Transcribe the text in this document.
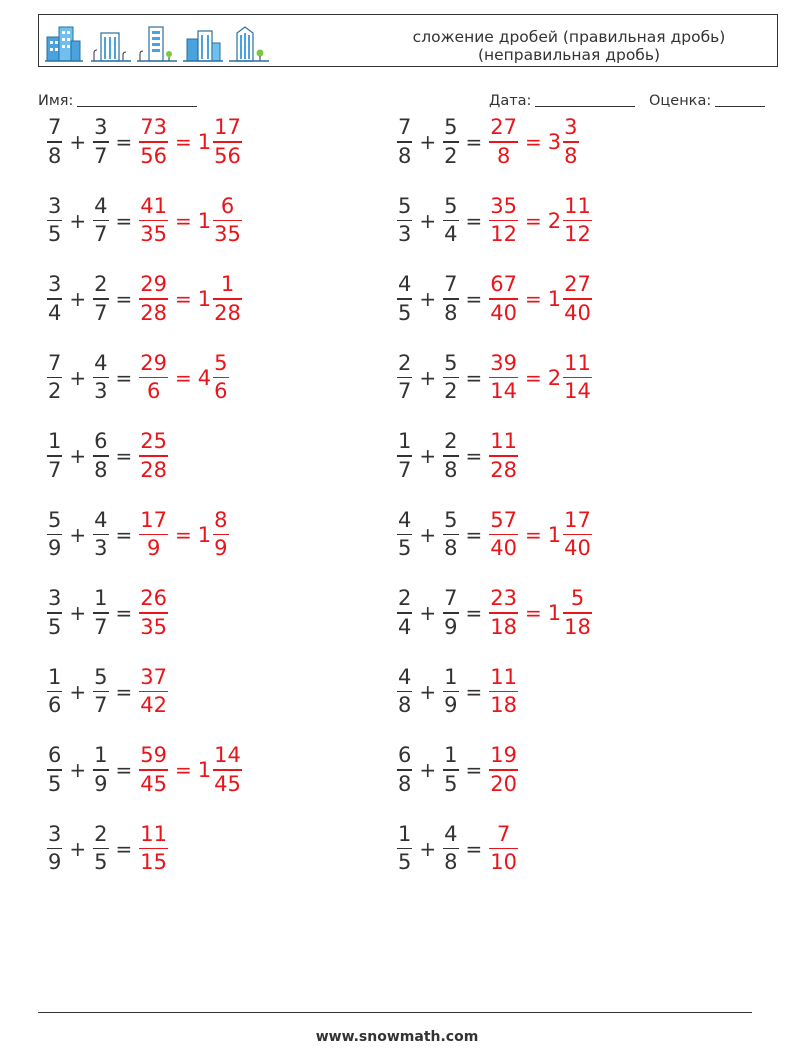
сложение дробей (правильная дробь)
(неправильная дробь)
Имя:	Дата:	Оценка:
$\frac{7}{8} + \frac{3}{7} = \frac{73}{56} = 1 \frac{17}{56}$	$\frac{7}{8} + \frac{5}{2} = \frac{27}{8} = 3 \frac{3}{8}$
$\frac{3}{5} + \frac{4}{7} = \frac{41}{35} = 1 \frac{6}{35}$	$\frac{5}{3} + \frac{5}{4} = \frac{35}{12} = 2 \frac{11}{12}$
$\frac{3}{4} + \frac{2}{7} = \frac{29}{28} = 1 \frac{1}{28}$	$\frac{4}{5} + \frac{7}{8} = \frac{67}{40} = 1 \frac{27}{40}$
$\frac{7}{2} + \frac{4}{3} = \frac{29}{6} = 4 \frac{5}{6}$	$\frac{2}{7} + \frac{5}{2} = \frac{39}{14} = 2 \frac{11}{14}$
$\frac{1}{7} + \frac{6}{8} = \frac{25}{28}$	$\frac{1}{7} + \frac{2}{8} = \frac{11}{28}$
$\frac{5}{9} + \frac{4}{3} = \frac{17}{9} = 1 \frac{8}{9}$	$\frac{4}{5} + \frac{5}{8} = \frac{57}{40} = 1 \frac{17}{40}$
$\frac{3}{5} + \frac{1}{7} = \frac{26}{35}$	$\frac{2}{4} + \frac{7}{9} = \frac{23}{18} = 1 \frac{5}{18}$
$\frac{1}{6} + \frac{5}{7} = \frac{37}{42}$	$\frac{4}{8} + \frac{1}{9} = \frac{11}{18}$
$\frac{6}{5} + \frac{1}{9} = \frac{59}{45} = 1 \frac{14}{45}$	$\frac{6}{8} + \frac{1}{5} = \frac{19}{20}$
$\frac{3}{9} + \frac{2}{5} = \frac{11}{15}$	$\frac{1}{5} + \frac{4}{8} = \frac{7}{10}$
www.snowmath.com
